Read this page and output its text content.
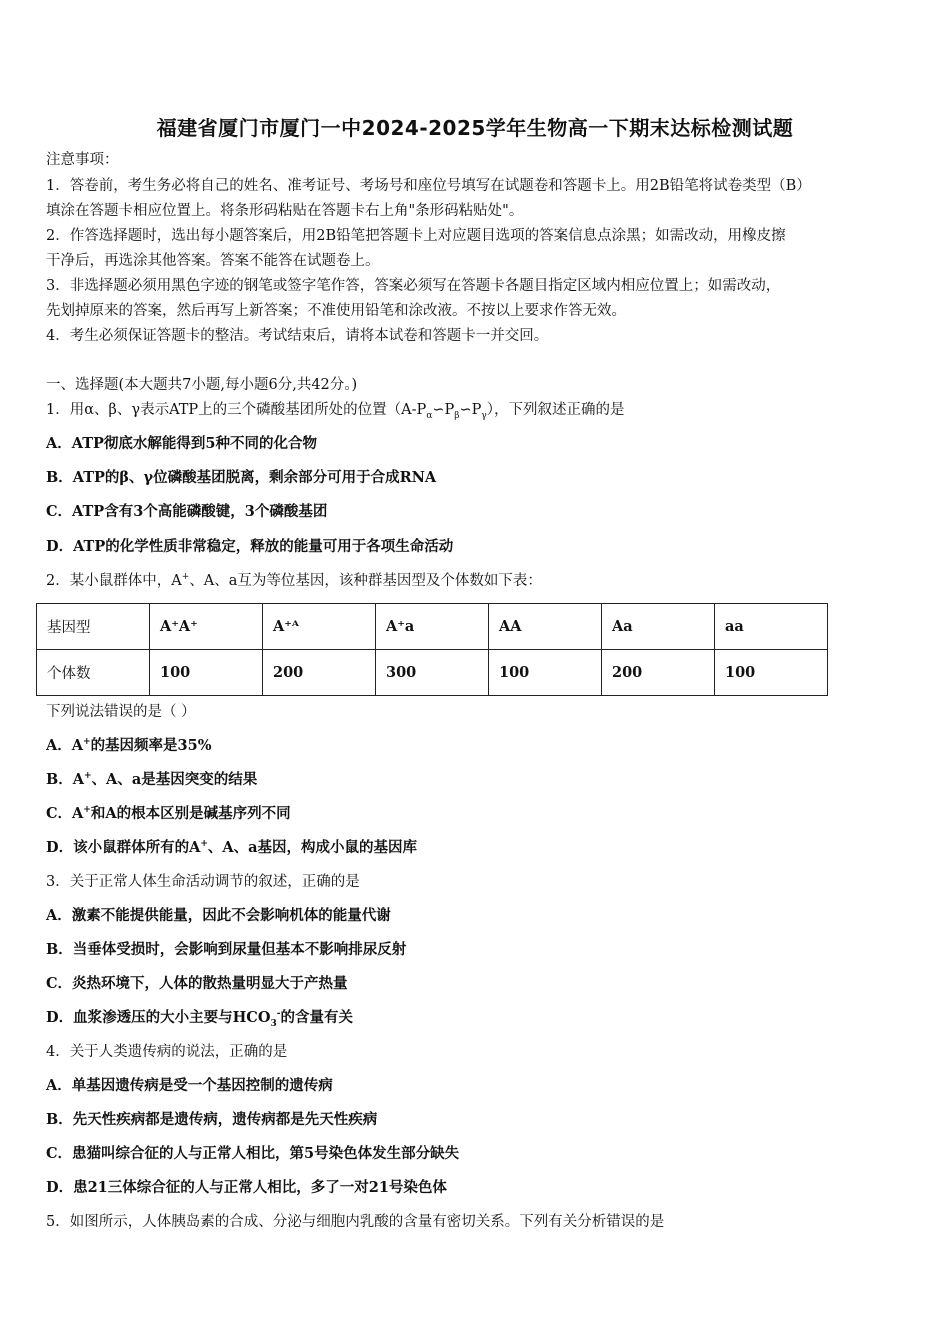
福建省厦门市厦门一中2024-2025学年生物高一下期末达标检测试题
注意事项：
1．答卷前，考生务必将自己的姓名、准考证号、考场号和座位号填写在试题卷和答题卡上。用2B铅笔将试卷类型（B）
填涂在答题卡相应位置上。将条形码粘贴在答题卡右上角"条形码粘贴处"。
2．作答选择题时，选出每小题答案后，用2B铅笔把答题卡上对应题目选项的答案信息点涂黑；如需改动，用橡皮擦
干净后，再选涂其他答案。答案不能答在试题卷上。
3．非选择题必须用黑色字迹的钢笔或签字笔作答，答案必须写在答题卡各题目指定区域内相应位置上；如需改动，
先划掉原来的答案，然后再写上新答案；不准使用铅笔和涂改液。不按以上要求作答无效。
4．考生必须保证答题卡的整洁。考试结束后，请将本试卷和答题卡一并交回。
一、选择题(本大题共7小题,每小题6分,共42分。)
1．用α、β、γ表示ATP上的三个磷酸基团所处的位置$(A-P_\alpha∽P_\beta∽P_\gamma)$，下列叙述正确的是
A．ATP彻底水解能得到5种不同的化合物
B．ATP的β、γ位磷酸基团脱离，剩余部分可用于合成RNA
C．ATP含有3个高能磷酸键，3个磷酸基团
D．ATP的化学性质非常稳定，释放的能量可用于各项生命活动
2．某小鼠群体中，A+、A、a互为等位基因，该种群基因型及个体数如下表：
基因型	A⁺A⁺	A⁺ᴬ	A⁺a	AA	Aa	aa
个体数	100	200	300	100	200	100
下列说法错误的是（ ）
A．A+的基因频率是35%
B．A+、A、a是基因突变的结果
C．A+和A的根本区别是碱基序列不同
D．该小鼠群体所有的A+、A、a基因，构成小鼠的基因库
3．关于正常人体生命活动调节的叙述，正确的是
A．激素不能提供能量，因此不会影响机体的能量代谢
B．当垂体受损时，会影响到尿量但基本不影响排尿反射
C．炎热环境下，人体的散热量明显大于产热量
D．血浆渗透压的大小主要与$HCO_3^-$的含量有关
4．关于人类遗传病的说法，正确的是
A．单基因遗传病是受一个基因控制的遗传病
B．先天性疾病都是遗传病，遗传病都是先天性疾病
C．患猫叫综合征的人与正常人相比，第5号染色体发生部分缺失
D．患21三体综合征的人与正常人相比，多了一对21号染色体
5．如图所示，人体胰岛素的合成、分泌与细胞内乳酸的含量有密切关系。下列有关分析错误的是
